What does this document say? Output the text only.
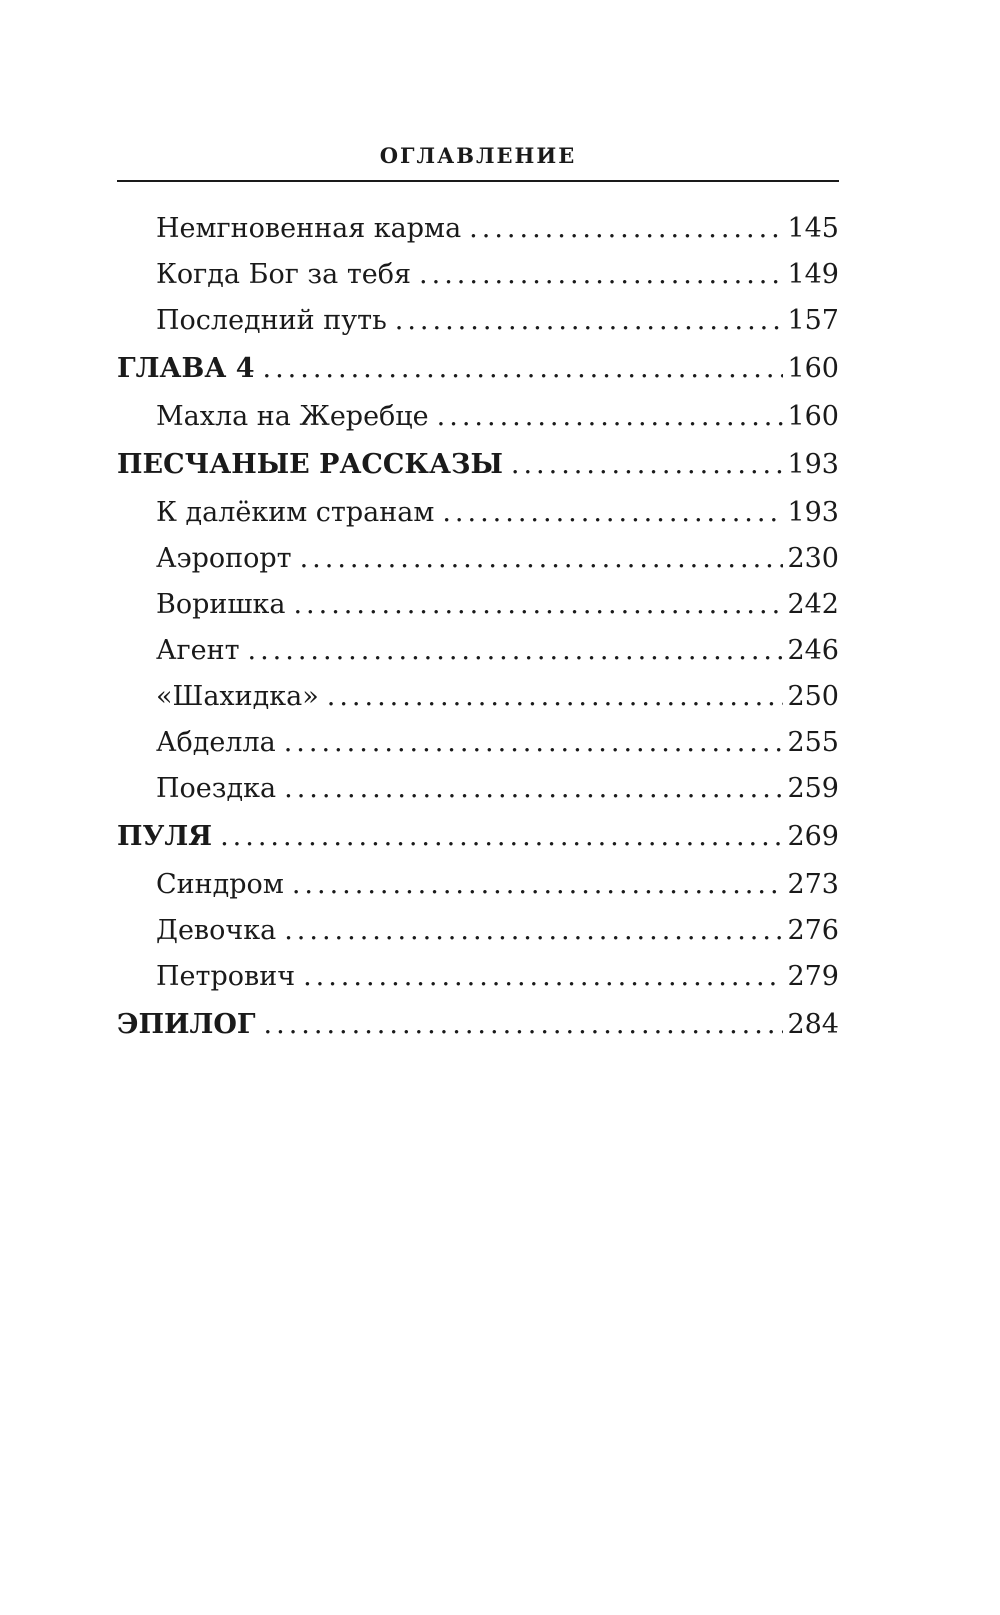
ОГЛАВЛЕНИЕ
Немгновенная карма .....	145
Когда Бог за тебя .....	149
Последний путь .....	157
ГЛАВА 4 .....	160
Махла на Жеребце .....	160
ПЕСЧАНЫЕ РАССКАЗЫ .....	193
К далёким странам .....	193
Аэропорт .....	230
Воришка .....	242
Агент .....	246
«Шахидка» .....	250
Абделла .....	255
Поездка .....	259
ПУЛЯ .....	269
Синдром .....	273
Девочка .....	276
Петрович .....	279
ЭПИЛОГ .....	284
